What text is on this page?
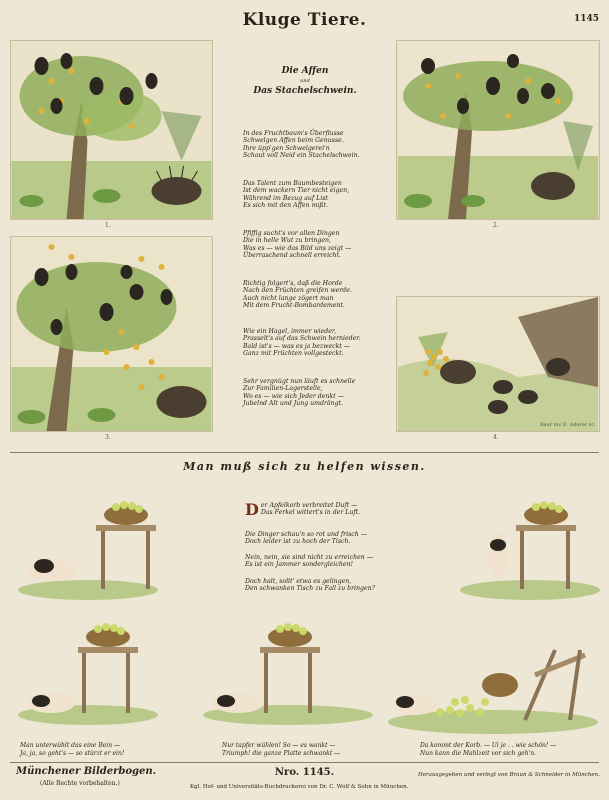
Kluge Tiere.	1145
1.	2.
3.
Baer inv E. Aderer sc.
4.
Die Affen
und
Das Stachelschwein.
In des Fruchtbaum's Überflusse
Schwelgen Affen beim Genusse.
Ihre üpp'gen Schwelgerei'n
Schaut voll Neid ein Stachelschwein.
Das Talent zum Baumbesteigen
Ist dem wackern Tier nicht eigen,
Während im Bezug auf List
Es sich mit den Affen mißt.
Pfiffig sucht's vor allen Dingen
Die in helle Wut zu bringen,
Was es — wie das Bild uns zeigt —
Überraschend schnell erreicht.
Richtig folgert's, daß die Horde
Nach den Früchten greifen werde.
Auch nicht lange zögert man
Mit dem Frucht-Bombardement.
Wie ein Hagel, immer wieder,
Prasselt's auf das Schwein hernieder.
Bald ist's — was es ja bezweckt —
Ganz mit Früchten vollgesteckt.
Sehr vergnügt nun läuft es schnelle
Zur Familien-Lagerstelle,
Wo es — wie sich Jeder denkt —
Jubelnd Alt und Jung umdrängt.
Man muß sich zu helfen wissen.
Der Apfelkorb verbreitet Duft —
Das Ferkel wittert's in der Luft.
Die Dinger schau'n so rot und frisch —
Doch leider ist zu hoch der Tisch.
Nein, nein, sie sind nicht zu erreichen —
Es ist ein Jammer sondergleichen!
Doch halt, sollt' etwa es gelingen,
Den schwanken Tisch zu Fall zu bringen?
Man unterwühlt das eine Bein —
Ja, ja, so geht's — so stürzt er ein!
Nur tapfer wühlen! So — es wankt —
Triumph! die ganze Platte schwankt —
Da kommt der Korb. — Ui je . . wie schön! —
Nun kann die Mahlzeit vor sich geh'n.
Münchener Bilderbogen.
(Alle Rechte vorbehalten.)
Nro. 1145.
Kgl. Hof- und Universitäts-Buchdruckerei von Dr. C. Wolf & Sohn in München.
Herausgegeben und verlegt von Braun & Schneider in München.
